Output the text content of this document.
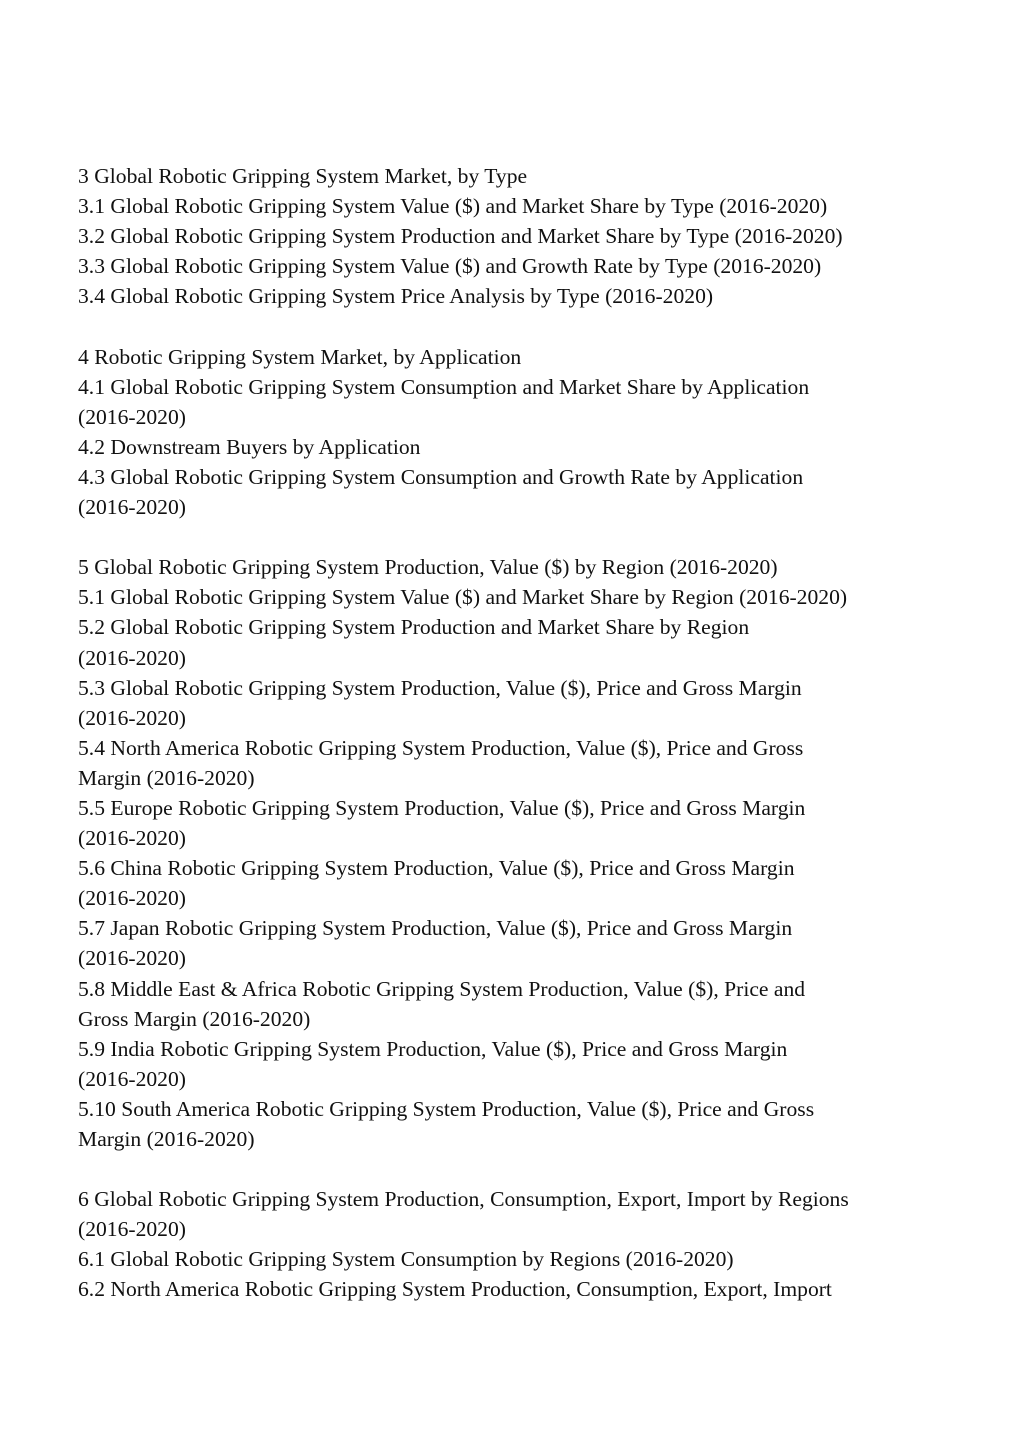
3 Global Robotic Gripping System Market, by Type
3.1 Global Robotic Gripping System Value ($) and Market Share by Type (2016-2020)
3.2 Global Robotic Gripping System Production and Market Share by Type (2016-2020)
3.3 Global Robotic Gripping System Value ($) and Growth Rate by Type (2016-2020)
3.4 Global Robotic Gripping System Price Analysis by Type (2016-2020)
4 Robotic Gripping System Market, by Application
4.1 Global Robotic Gripping System Consumption and Market Share by Application
(2016-2020)
4.2 Downstream Buyers by Application
4.3 Global Robotic Gripping System Consumption and Growth Rate by Application
(2016-2020)
5 Global Robotic Gripping System Production, Value ($) by Region (2016-2020)
5.1 Global Robotic Gripping System Value ($) and Market Share by Region (2016-2020)
5.2 Global Robotic Gripping System Production and Market Share by Region
(2016-2020)
5.3 Global Robotic Gripping System Production, Value ($), Price and Gross Margin
(2016-2020)
5.4 North America Robotic Gripping System Production, Value ($), Price and Gross
Margin (2016-2020)
5.5 Europe Robotic Gripping System Production, Value ($), Price and Gross Margin
(2016-2020)
5.6 China Robotic Gripping System Production, Value ($), Price and Gross Margin
(2016-2020)
5.7 Japan Robotic Gripping System Production, Value ($), Price and Gross Margin
(2016-2020)
5.8 Middle East & Africa Robotic Gripping System Production, Value ($), Price and
Gross Margin (2016-2020)
5.9 India Robotic Gripping System Production, Value ($), Price and Gross Margin
(2016-2020)
5.10 South America Robotic Gripping System Production, Value ($), Price and Gross
Margin (2016-2020)
6 Global Robotic Gripping System Production, Consumption, Export, Import by Regions
(2016-2020)
6.1 Global Robotic Gripping System Consumption by Regions (2016-2020)
6.2 North America Robotic Gripping System Production, Consumption, Export, Import
